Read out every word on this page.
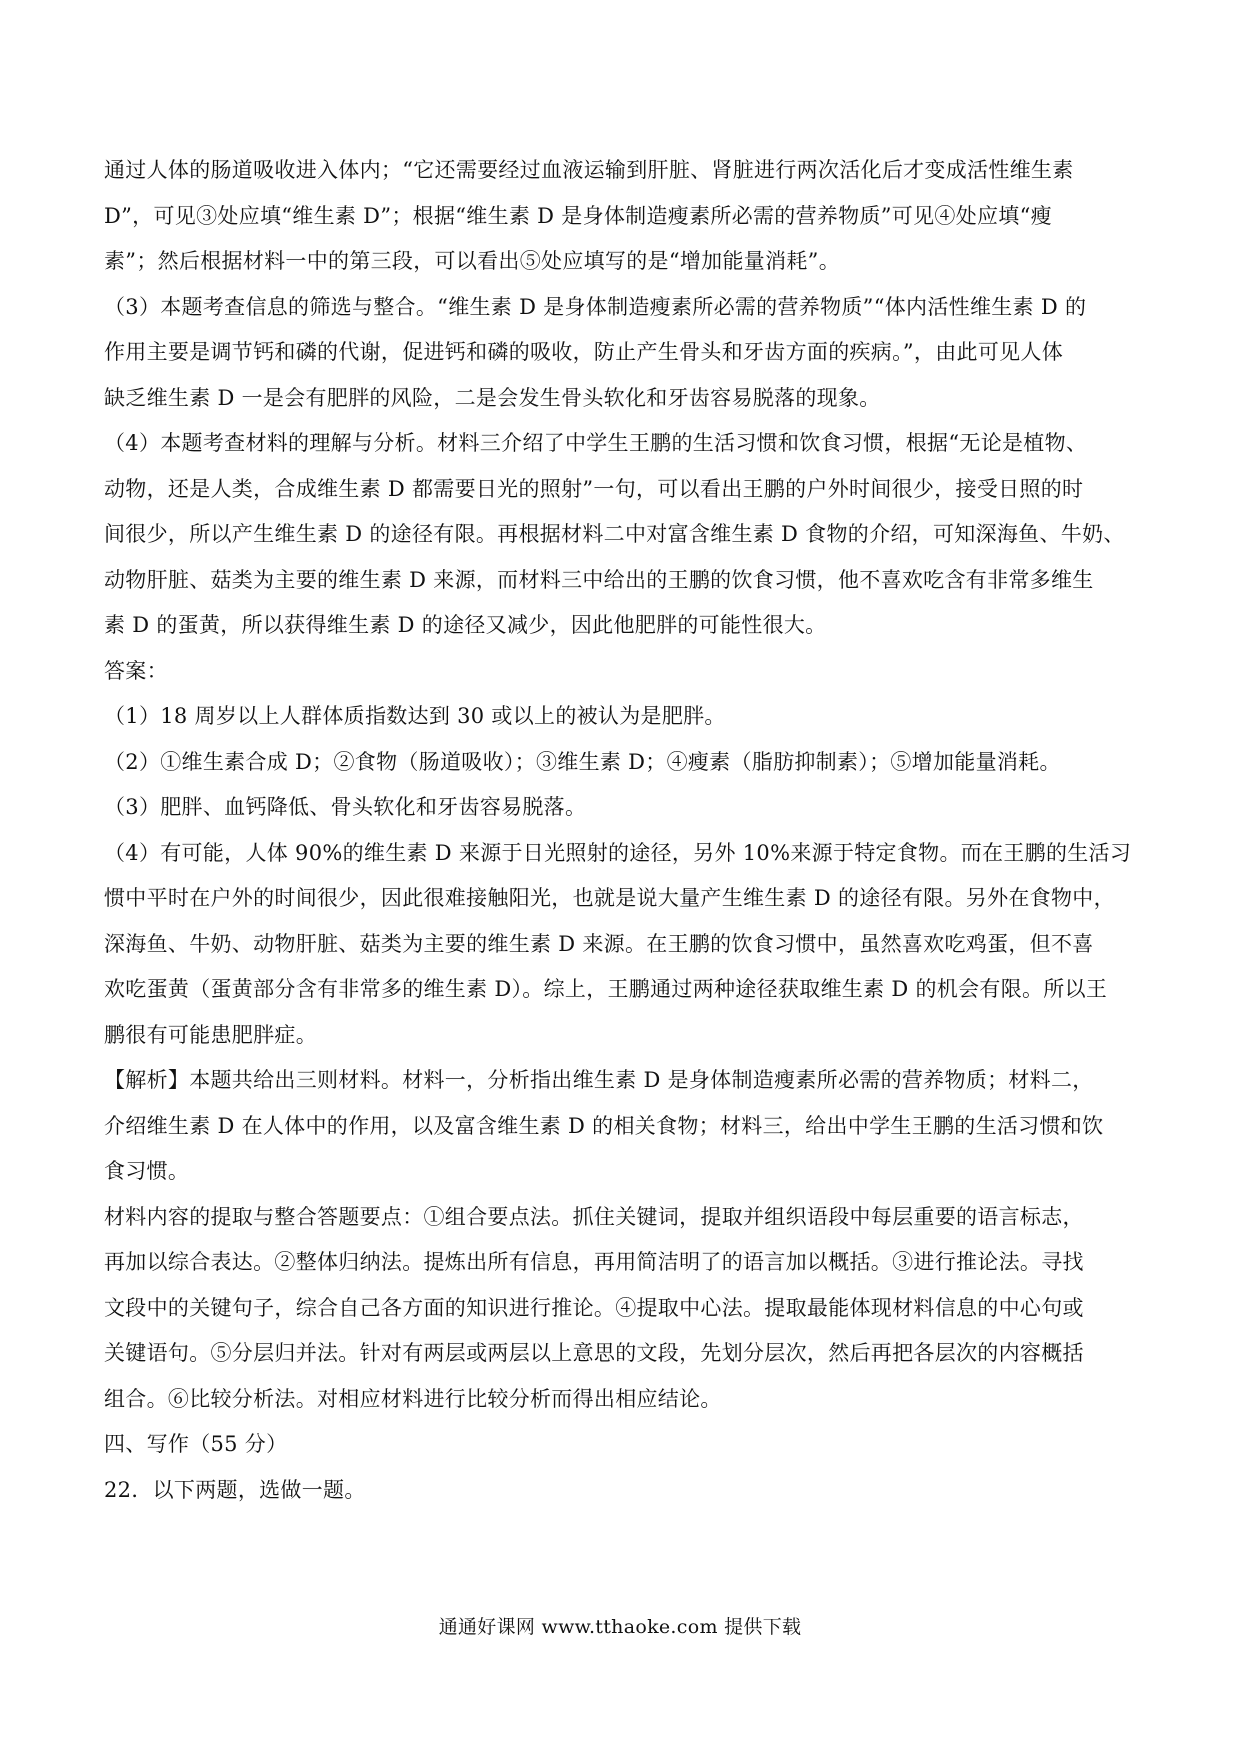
通过人体的肠道吸收进入体内；“它还需要经过血液运输到肝脏、肾脏进行两次活化后才变成活性维生素
D”，可见③处应填“维生素 D”；根据“维生素 D 是身体制造瘦素所必需的营养物质”可见④处应填“瘦
素”；然后根据材料一中的第三段，可以看出⑤处应填写的是“增加能量消耗”。

（3）本题考查信息的筛选与整合。“维生素 D 是身体制造瘦素所必需的营养物质”“体内活性维生素 D 的
作用主要是调节钙和磷的代谢，促进钙和磷的吸收，防止产生骨头和牙齿方面的疾病。”，由此可见人体
缺乏维生素 D 一是会有肥胖的风险，二是会发生骨头软化和牙齿容易脱落的现象。

（4）本题考查材料的理解与分析。材料三介绍了中学生王鹏的生活习惯和饮食习惯，根据“无论是植物、
动物，还是人类，合成维生素 D 都需要日光的照射”一句，可以看出王鹏的户外时间很少，接受日照的时
间很少，所以产生维生素 D 的途径有限。再根据材料二中对富含维生素 D 食物的介绍，可知深海鱼、牛奶、
动物肝脏、菇类为主要的维生素 D 来源，而材料三中给出的王鹏的饮食习惯，他不喜欢吃含有非常多维生
素 D 的蛋黄，所以获得维生素 D 的途径又减少，因此他肥胖的可能性很大。

答案：

（1）18 周岁以上人群体质指数达到 30 或以上的被认为是肥胖。

（2）①维生素合成 D；②食物（肠道吸收）；③维生素 D；④瘦素（脂肪抑制素）；⑤增加能量消耗。

（3）肥胖、血钙降低、骨头软化和牙齿容易脱落。

（4）有可能，人体 90%的维生素 D 来源于日光照射的途径，另外 10%来源于特定食物。而在王鹏的生活习
惯中平时在户外的时间很少，因此很难接触阳光，也就是说大量产生维生素 D 的途径有限。另外在食物中，
深海鱼、牛奶、动物肝脏、菇类为主要的维生素 D 来源。在王鹏的饮食习惯中，虽然喜欢吃鸡蛋，但不喜
欢吃蛋黄（蛋黄部分含有非常多的维生素 D）。综上，王鹏通过两种途径获取维生素 D 的机会有限。所以王
鹏很有可能患肥胖症。

【解析】本题共给出三则材料。材料一，分析指出维生素 D 是身体制造瘦素所必需的营养物质；材料二，
介绍维生素 D 在人体中的作用，以及富含维生素 D 的相关食物；材料三，给出中学生王鹏的生活习惯和饮
食习惯。

材料内容的提取与整合答题要点：①组合要点法。抓住关键词，提取并组织语段中每层重要的语言标志，
再加以综合表达。②整体归纳法。提炼出所有信息，再用简洁明了的语言加以概括。③进行推论法。寻找
文段中的关键句子，综合自己各方面的知识进行推论。④提取中心法。提取最能体现材料信息的中心句或
关键语句。⑤分层归并法。针对有两层或两层以上意思的文段，先划分层次，然后再把各层次的内容概括
组合。⑥比较分析法。对相应材料进行比较分析而得出相应结论。

四、写作（55 分）

22．以下两题，选做一题。

通通好课网 www.tthaoke.com 提供下载
